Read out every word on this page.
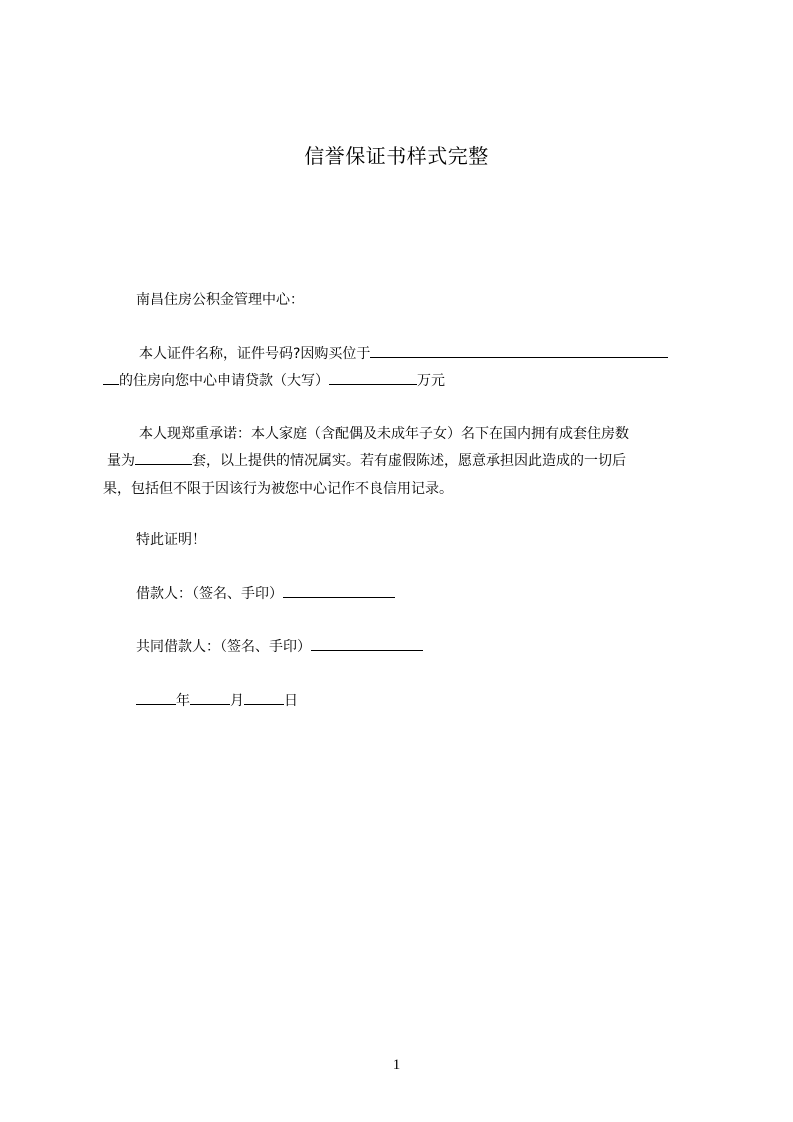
信誉保证书样式完整
南昌住房公积金管理中心：
本人证件名称，证件号码?因购买位于
的住房向您中心申请贷款（大写）	万元
本人现郑重承诺：本人家庭（含配偶及未成年子女）名下在国内拥有成套住房数
量为	套，以上提供的情况属实。若有虚假陈述，愿意承担因此造成的一切后
果，包括但不限于因该行为被您中心记作不良信用记录。
特此证明！
借款人：（签名、手印）
共同借款人：（签名、手印）
年	月	日
1
